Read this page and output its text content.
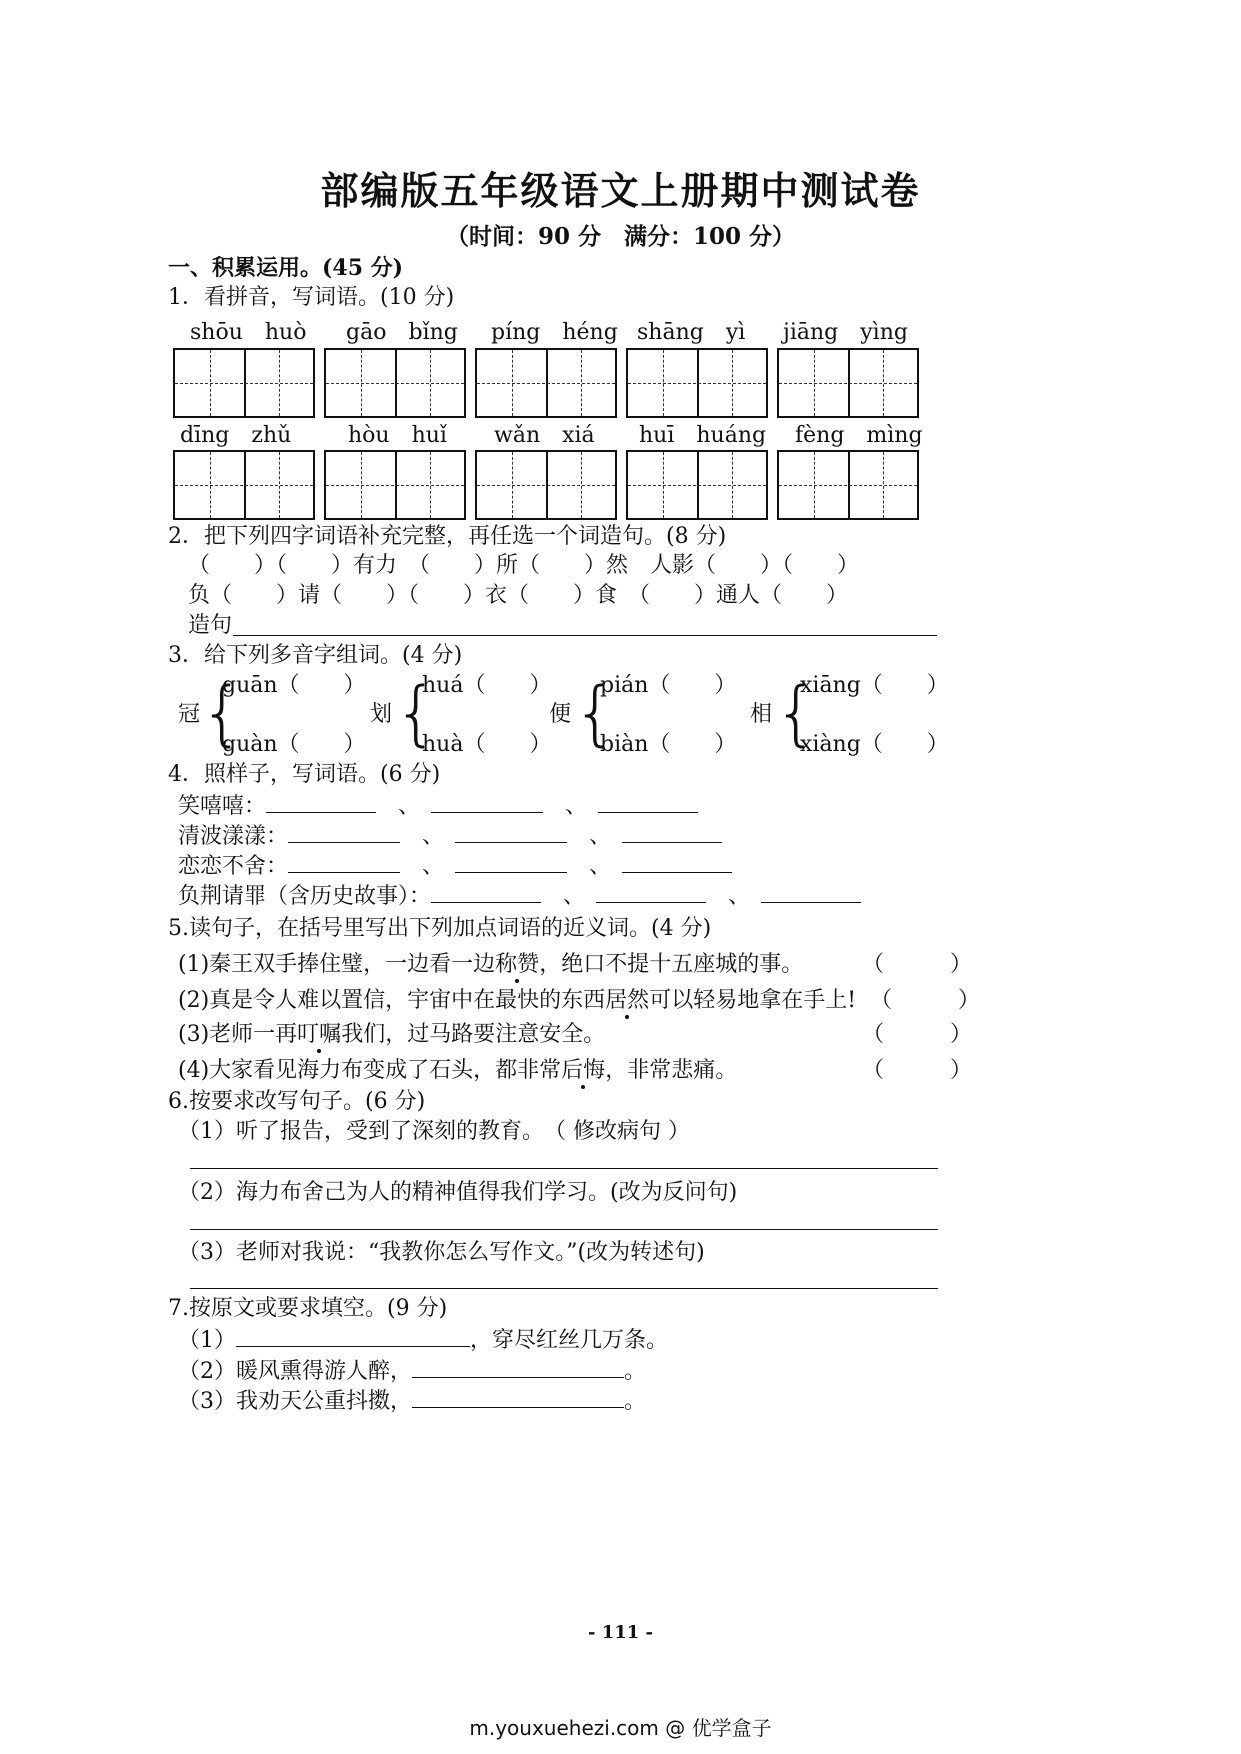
部编版五年级语文上册期中测试卷
（时间：90 分　满分：100 分）
一、积累运用。(45 分)
1．看拼音，写词语。(10 分)
shōu　huò gāo　bǐng píng　héng shāng　yì jiāng　yìng
dīng　zhǔ	hòu　huǐ wǎn　xiá huī　huáng fèng　mìng
2．把下列四字词语补充完整，再任选一个词造句。(8 分)
（　　）（　　）有力　（　　）所（　　）然　人影（　　）（　　）
负（　　）请（　　）（　　）衣（　　）食　（　　）通人（　　）
造句
3．给下列多音字组词。(4 分)
冠 {
guān（　　）
guàn（　　）
划 {
huá（　　）
huà（　　）
便 {
pián（　　）
biàn（　　）
相 {
xiāng（　　）
xiàng（　　）
4．照样子，写词语。(6 分)
笑嘻嘻：　	、　　	、　
清波漾漾：　	、　　	、　
恋恋不舍：　	、　　	、　
负荆请罪（含历史故事）：　	、　　	、　
5.读句子，在括号里写出下列加点词语的近义词。(4 分)
(1)秦王双手捧住璧，一边看一边称赞，绝口不提十五座城的事。	（　　　）
(2)真是令人难以置信，宇宙中在最快的东西居然可以轻易地拿在手上! （　　　）
(3)老师一再叮嘱我们，过马路要注意安全。	（　　　）
(4)大家看见海力布变成了石头，都非常后悔，非常悲痛。	（　　　）
6.按要求改写句子。(6 分)
（1）听了报告，受到了深刻的教育。　（ 修改病句 ）
（2）海力布舍己为人的精神值得我们学习。(改为反问句)
（3）老师对我说：“我教你怎么写作文。”(改为转述句)
7.按原文或要求填空。(9 分)
（1）	，穿尽红丝几万条。
（2）暖风熏得游人醉，	。
（3）我劝天公重抖擞，	。
- 111 -
m.youxuehezi.com @ 优学盒子
